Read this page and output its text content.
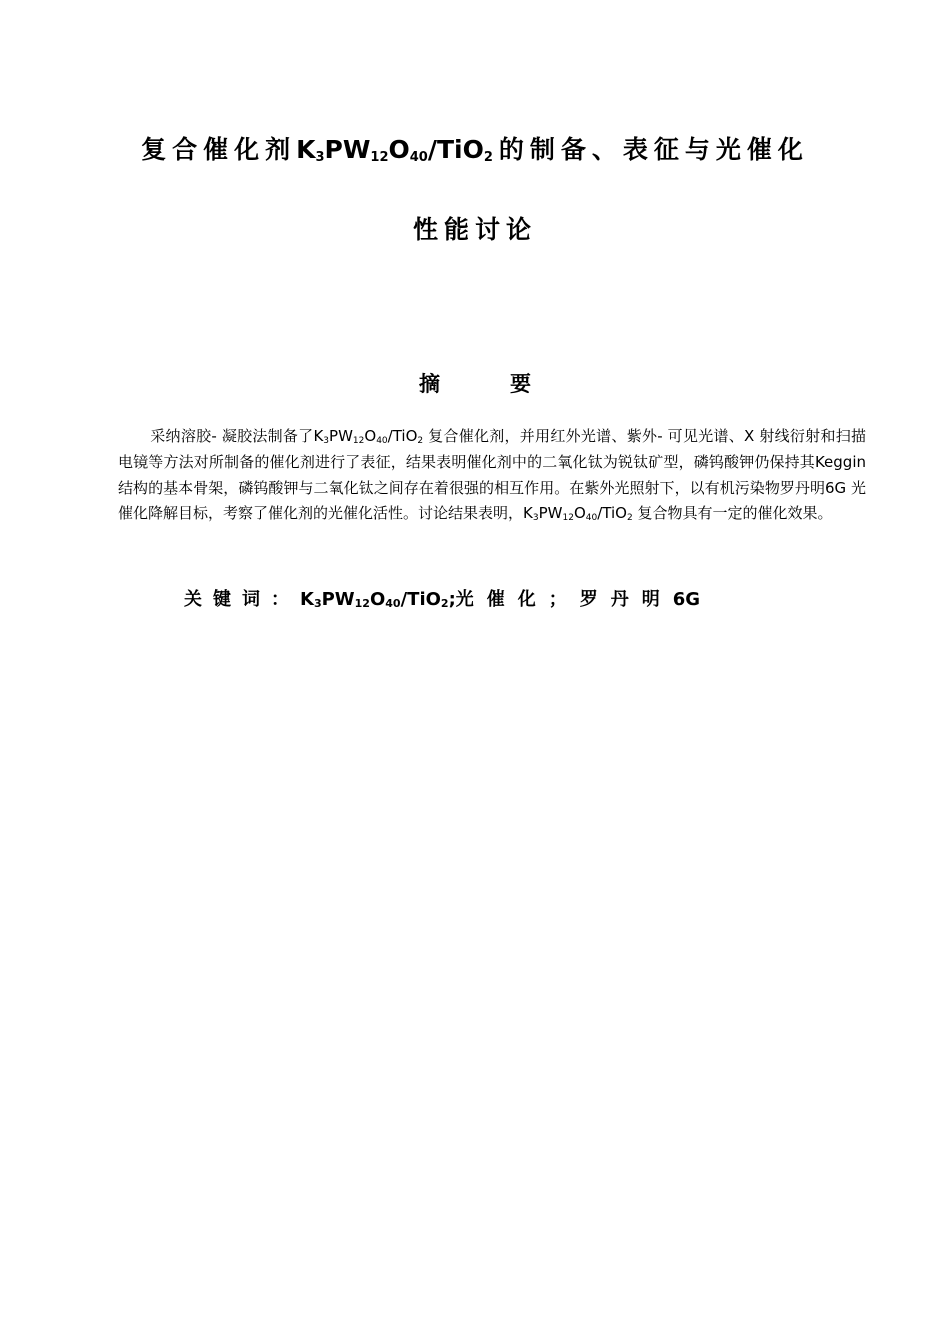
复合催化剂$K_3PW_{12}O_{40}/TiO_2$ 的制备、表征与光催化
性能讨论
摘	要
采纳溶胶- 凝胶法制备了$K_3PW_{12}O_{40}/TiO_2$ 复合催化剂，并用红外光谱、紫外- 可见光谱、X 射线衍射和扫描电镜等方法对所制备的催化剂进行了表征，结果表明催化剂中的二氧化钛为锐钛矿型，磷钨酸钾仍保持其Keggin 结构的基本骨架，磷钨酸钾与二氧化钛之间存在着很强的相互作用。在紫外光照射下，以有机污染物罗丹明6G 光催化降解目标，考察了催化剂的光催化活性。讨论结果表明，$K_3PW_{12}O_{40}/TiO_2$ 复合物具有一定的催化效果。
关键词：$K_3PW_{12}O_{40}/TiO_2$;光催化；罗丹明6G
